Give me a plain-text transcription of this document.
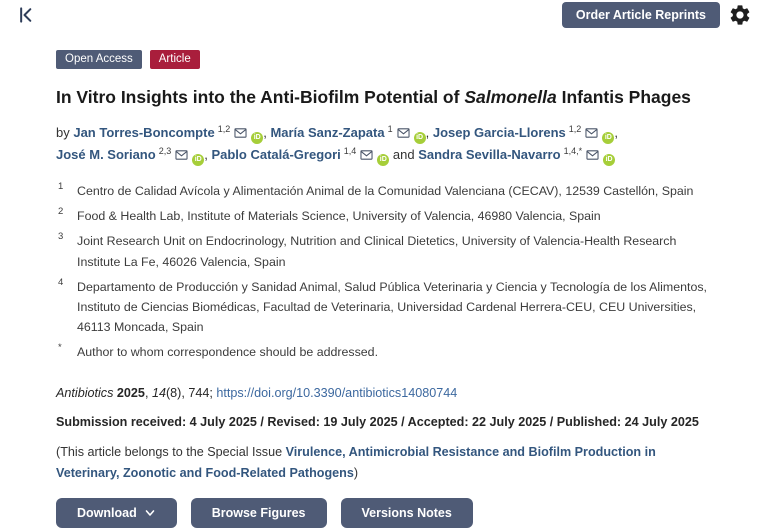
Order Article Reprints
Open Access	Article
In Vitro Insights into the Anti-Biofilm Potential of Salmonella Infantis Phages

by Jan Torres-Boncompte $^{1,2}$iD , María Sanz-Zapata $^1$iD , Josep Garcia-Llorens $^{1,2}$iD , José M. Soriano $^{2,3}$iD , Pablo Catalá-Gregori $^{1,4}$iD and Sandra Sevilla-Navarro $^{1,4,*}$iD

1 Centro de Calidad Avícola y Alimentación Animal de la Comunidad Valenciana (CECAV), 12539 Castellón, Spain
2 Food & Health Lab, Institute of Materials Science, University of Valencia, 46980 Valencia, Spain
3 Joint Research Unit on Endocrinology, Nutrition and Clinical Dietetics, University of Valencia-Health Research Institute La Fe, 46026 Valencia, Spain
4 Departamento de Producción y Sanidad Animal, Salud Pública Veterinaria y Ciencia y Tecnología de los Alimentos, Instituto de Ciencias Biomédicas, Facultad de Veterinaria, Universidad Cardenal Herrera-CEU, CEU Universities, 46113 Moncada, Spain
* Author to whom correspondence should be addressed.

Antibiotics 2025, 14(8), 744; https://doi.org/10.3390/antibiotics14080744

Submission received: 4 July 2025 / Revised: 19 July 2025 / Accepted: 22 July 2025 / Published: 24 July 2025

(This article belongs to the Special Issue Virulence, Antimicrobial Resistance and Biofilm Production in Veterinary, Zoonotic and Food-Related Pathogens)

Download	Browse Figures	Versions Notes
